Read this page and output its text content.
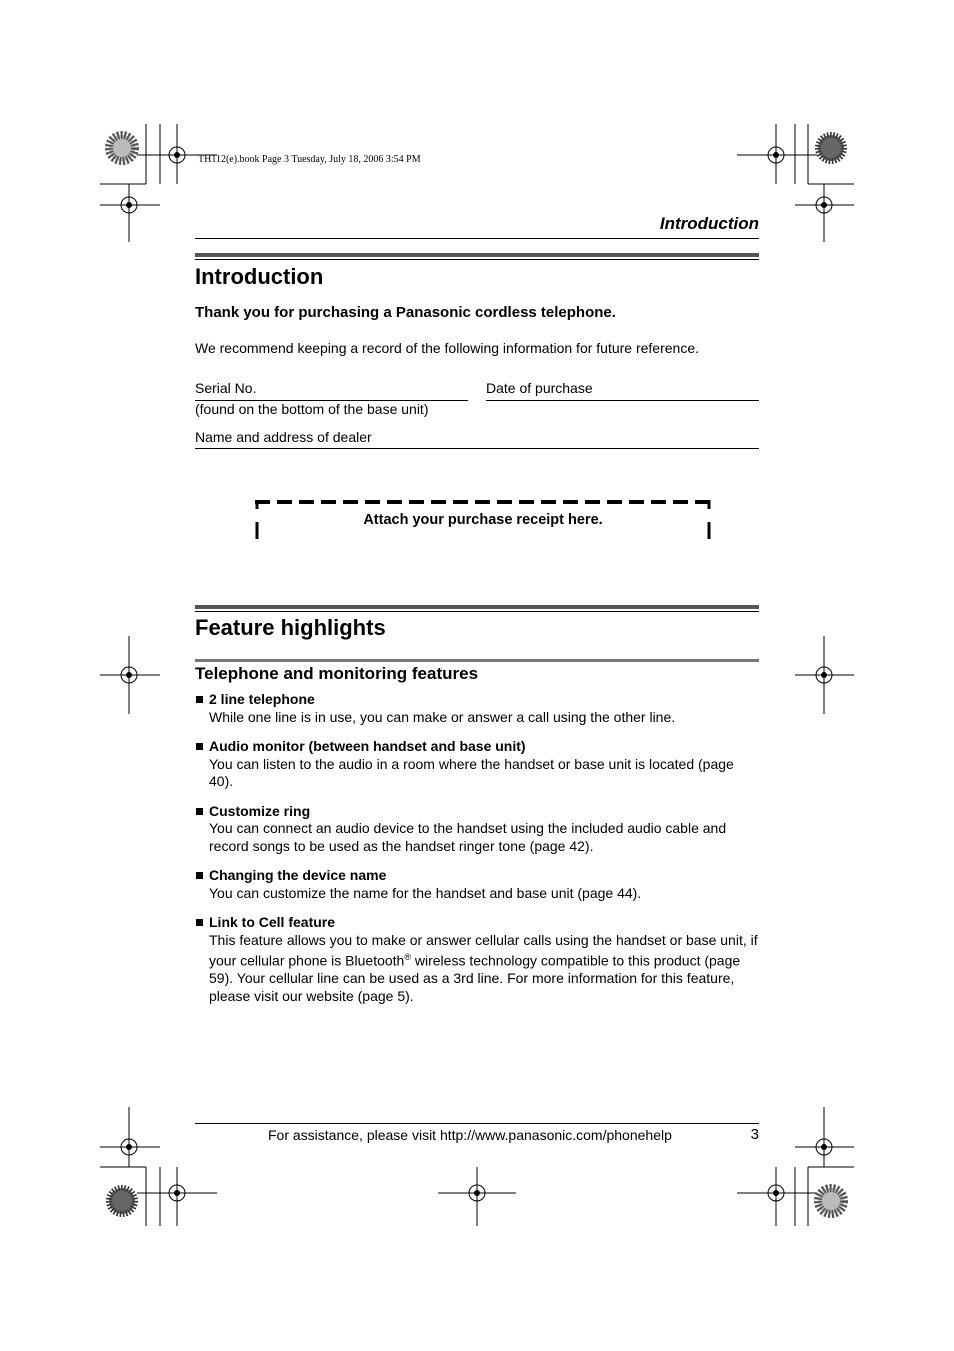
TH112(e).book Page 3 Tuesday, July 18, 2006 3:54 PM
Introduction
Introduction
Thank you for purchasing a Panasonic cordless telephone.
We recommend keeping a record of the following information for future reference.
Serial No.	Date of purchase
(found on the bottom of the base unit)
Name and address of dealer
Attach your purchase receipt here.
Feature highlights
Telephone and monitoring features
2 line telephone
While one line is in use, you can make or answer a call using the other line.
Audio monitor (between handset and base unit)
You can listen to the audio in a room where the handset or base unit is located (page 40).
Customize ring
You can connect an audio device to the handset using the included audio cable and record songs to be used as the handset ringer tone (page 42).
Changing the device name
You can customize the name for the handset and base unit (page 44).
Link to Cell feature
This feature allows you to make or answer cellular calls using the handset or base unit, if your cellular phone is Bluetooth® wireless technology compatible to this product (page 59). Your cellular line can be used as a 3rd line. For more information for this feature, please visit our website (page 5).
For assistance, please visit http://www.panasonic.com/phonehelp	3
